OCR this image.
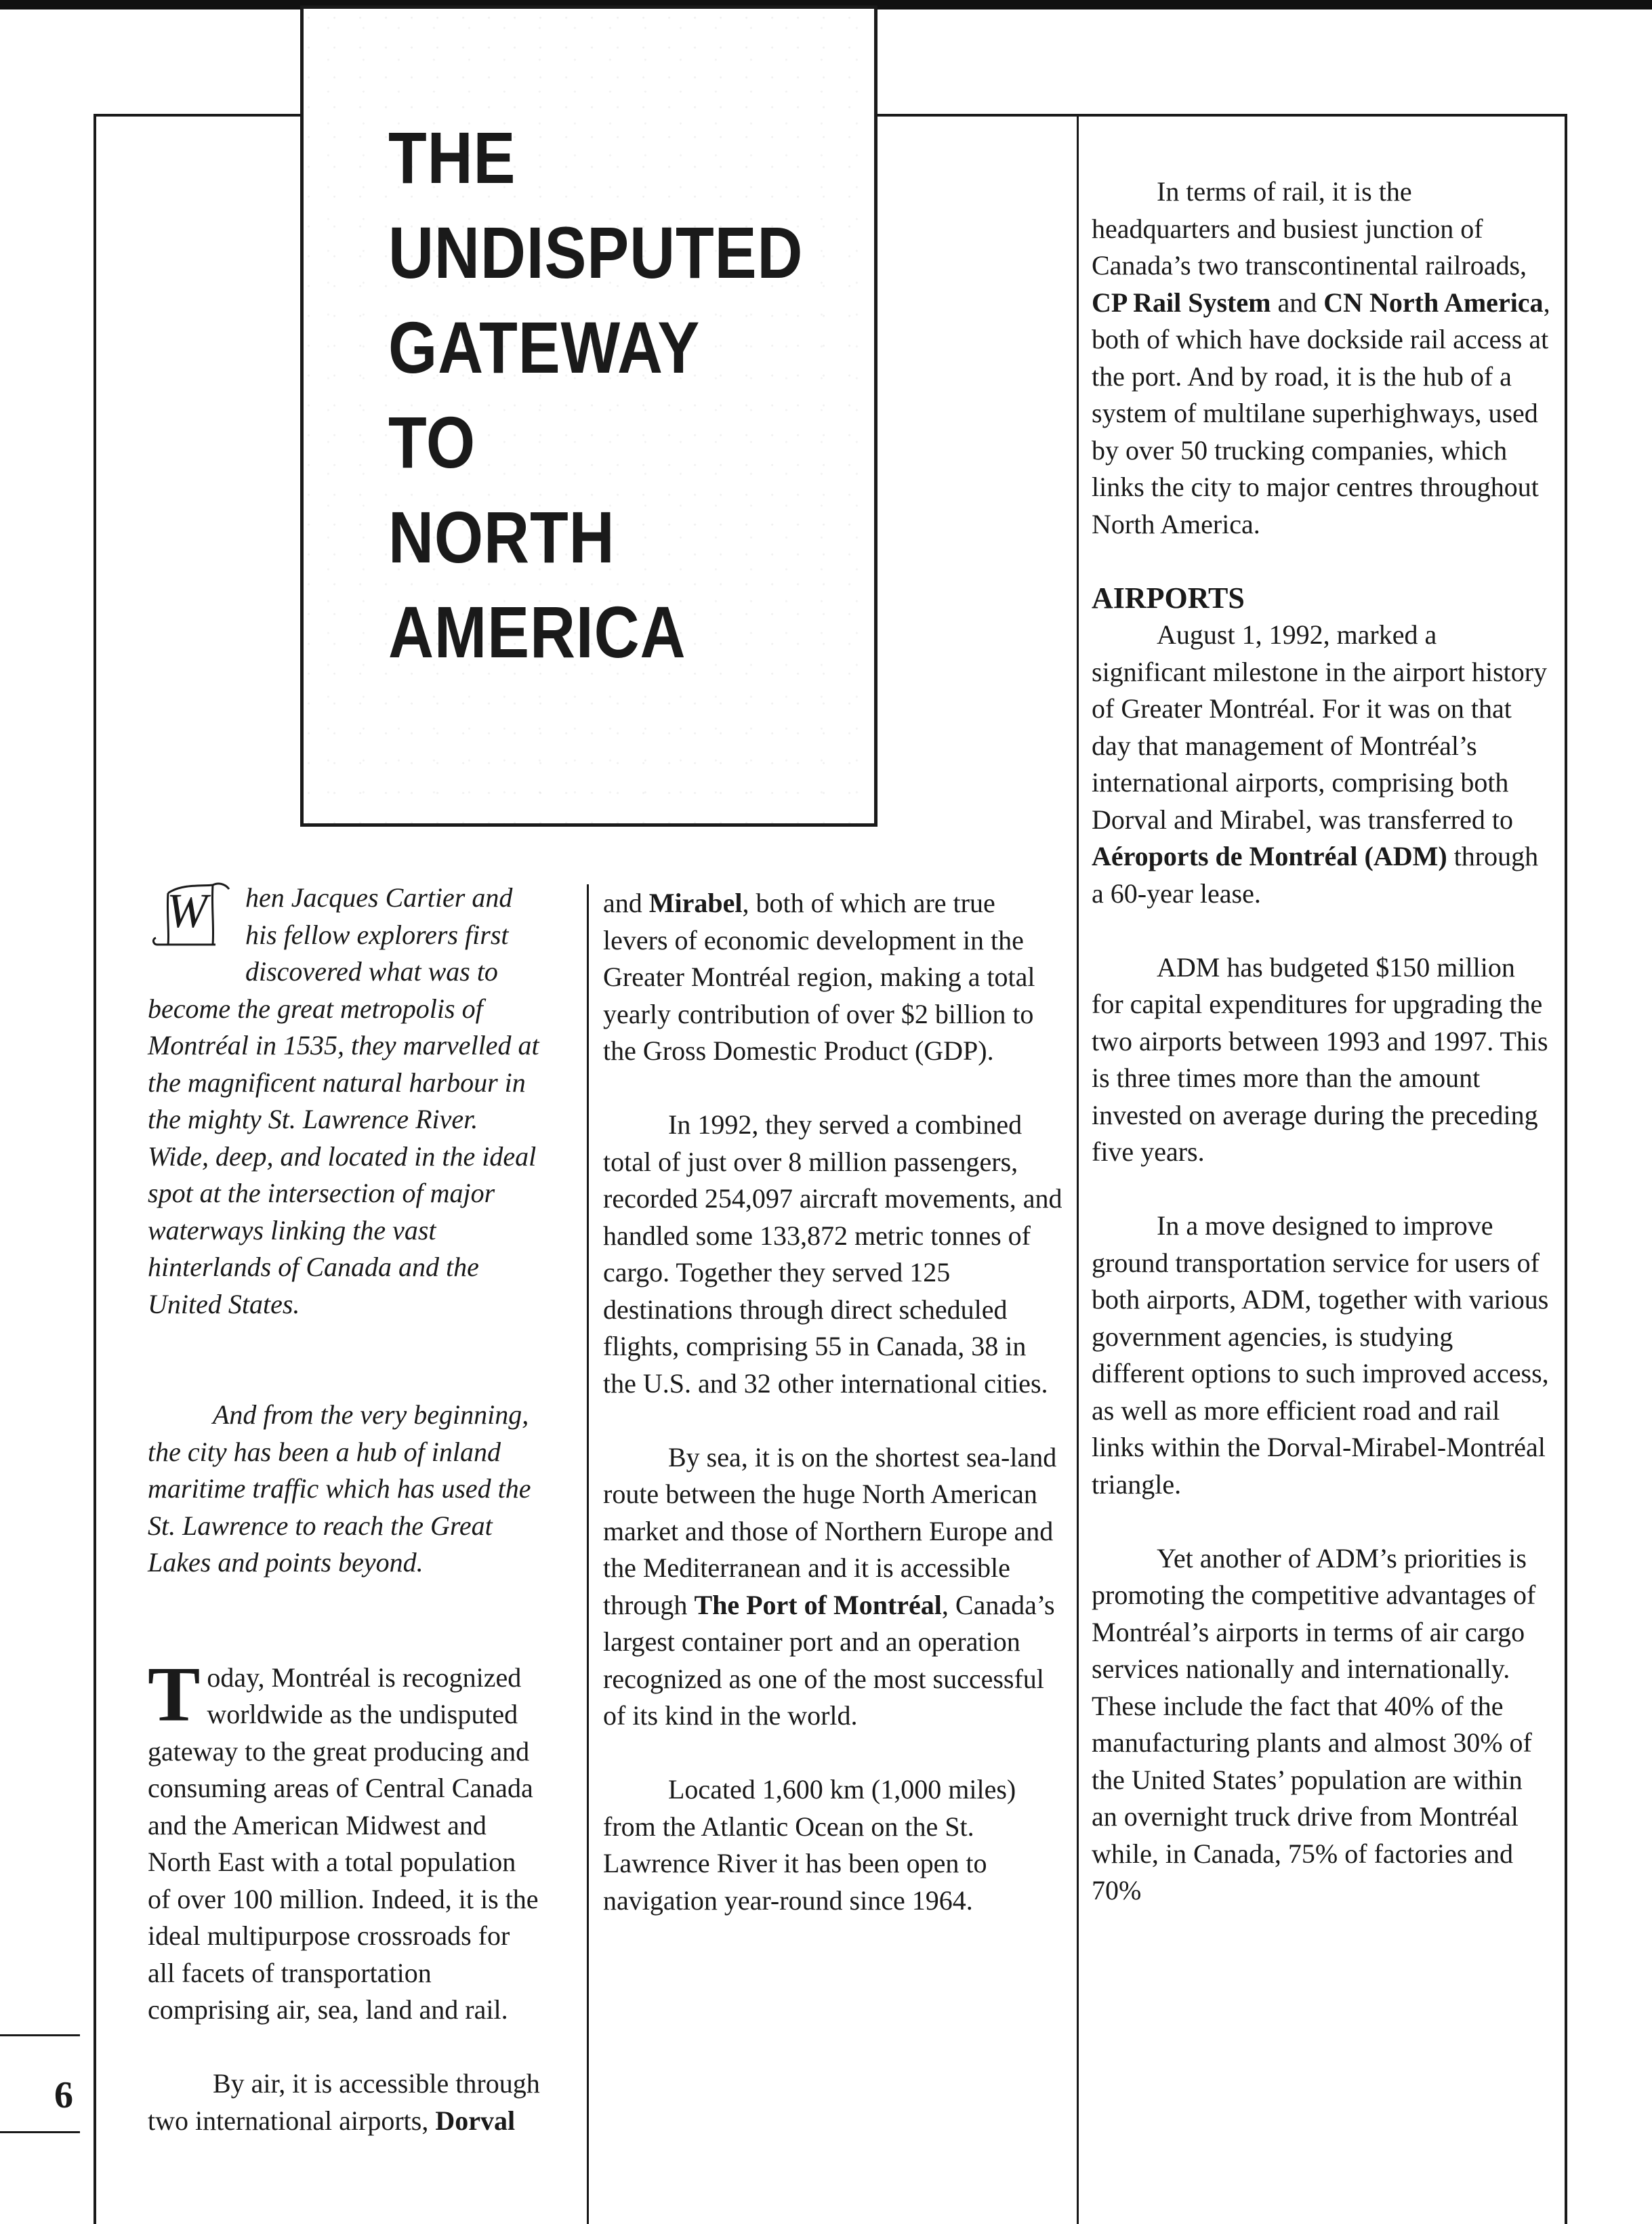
THE
UNDISPUTED
GATEWAY
TO
NORTH
AMERICA
W	hen Jacques Cartier and his fellow explorers first discovered what was to become the great metropolis of Montréal in 1535, they marvelled at the magnificent natural harbour in the mighty St. Lawrence River. Wide, deep, and located in the ideal spot at the intersection of major waterways linking the vast hinterlands of Canada and the United States.

And from the very beginning, the city has been a hub of inland maritime traffic which has used the St. Lawrence to reach the Great Lakes and points beyond.

T oday, Montréal is recognized worldwide as the undisputed gateway to the great producing and consuming areas of Central Canada and the American Midwest and North East with a total population of over 100 million. Indeed, it is the ideal multipurpose crossroads for all facets of transportation comprising air, sea, land and rail.

By air, it is accessible through two international airports, Dorval

and Mirabel, both of which are true levers of economic development in the Greater Montréal region, making a total yearly contribution of over $2 billion to the Gross Domestic Product (GDP).

In 1992, they served a combined total of just over 8 million passengers, recorded 254,097 aircraft movements, and handled some 133,872 metric tonnes of cargo. Together they served 125 destinations through direct scheduled flights, comprising 55 in Canada, 38 in the U.S. and 32 other international cities.

By sea, it is on the shortest sea-land route between the huge North American market and those of Northern Europe and the Mediterranean and it is accessible through The Port of Montréal, Canada’s largest container port and an operation recognized as one of the most successful of its kind in the world.

Located 1,600 km (1,000 miles) from the Atlantic Ocean on the St. Lawrence River it has been open to navigation year-round since 1964.

In terms of rail, it is the headquarters and busiest junction of Canada’s two transcontinental railroads, CP Rail System and CN North America, both of which have dockside rail access at the port. And by road, it is the hub of a system of multilane superhighways, used by over 50 trucking companies, which links the city to major centres throughout North America.

AIRPORTS

August 1, 1992, marked a significant milestone in the airport history of Greater Montréal. For it was on that day that management of Montréal’s international airports, comprising both Dorval and Mirabel, was transferred to Aéroports de Montréal (ADM) through a 60-year lease.

ADM has budgeted $150 million for capital expenditures for upgrading the two airports between 1993 and 1997. This is three times more than the amount invested on average during the preceding five years.

In a move designed to improve ground transportation service for users of both airports, ADM, together with various government agencies, is studying different options to such improved access, as well as more efficient road and rail links within the Dorval-Mirabel-Montréal triangle.

Yet another of ADM’s priorities is promoting the competitive advantages of Montréal’s airports in terms of air cargo services nationally and internationally. These include the fact that 40% of the manufacturing plants and almost 30% of the United States’ population are within an overnight truck drive from Montréal while, in Canada, 75% of factories and 70%

6
